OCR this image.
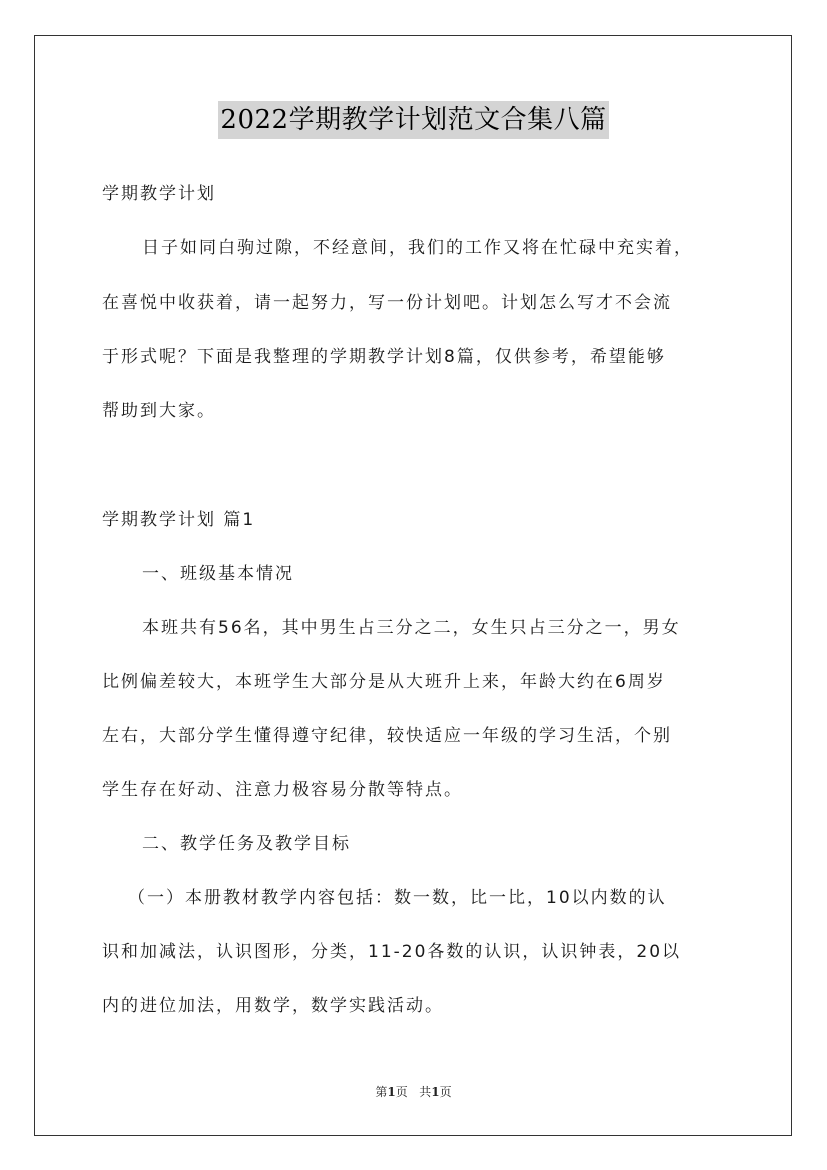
2022学期教学计划范文合集八篇
学期教学计划
日子如同白驹过隙，不经意间，我们的工作又将在忙碌中充实着，
在喜悦中收获着，请一起努力，写一份计划吧。计划怎么写才不会流
于形式呢？下面是我整理的学期教学计划8篇，仅供参考，希望能够
帮助到大家。
学期教学计划 篇1
一、班级基本情况
本班共有56名，其中男生占三分之二，女生只占三分之一，男女
比例偏差较大，本班学生大部分是从大班升上来，年龄大约在6周岁
左右，大部分学生懂得遵守纪律，较快适应一年级的学习生活，个别
学生存在好动、注意力极容易分散等特点。
二、教学任务及教学目标
（一）本册教材教学内容包括：数一数，比一比，10以内数的认
识和加减法，认识图形，分类，11-20各数的认识，认识钟表，20以
内的进位加法，用数学，数学实践活动。
第1页 共1页
